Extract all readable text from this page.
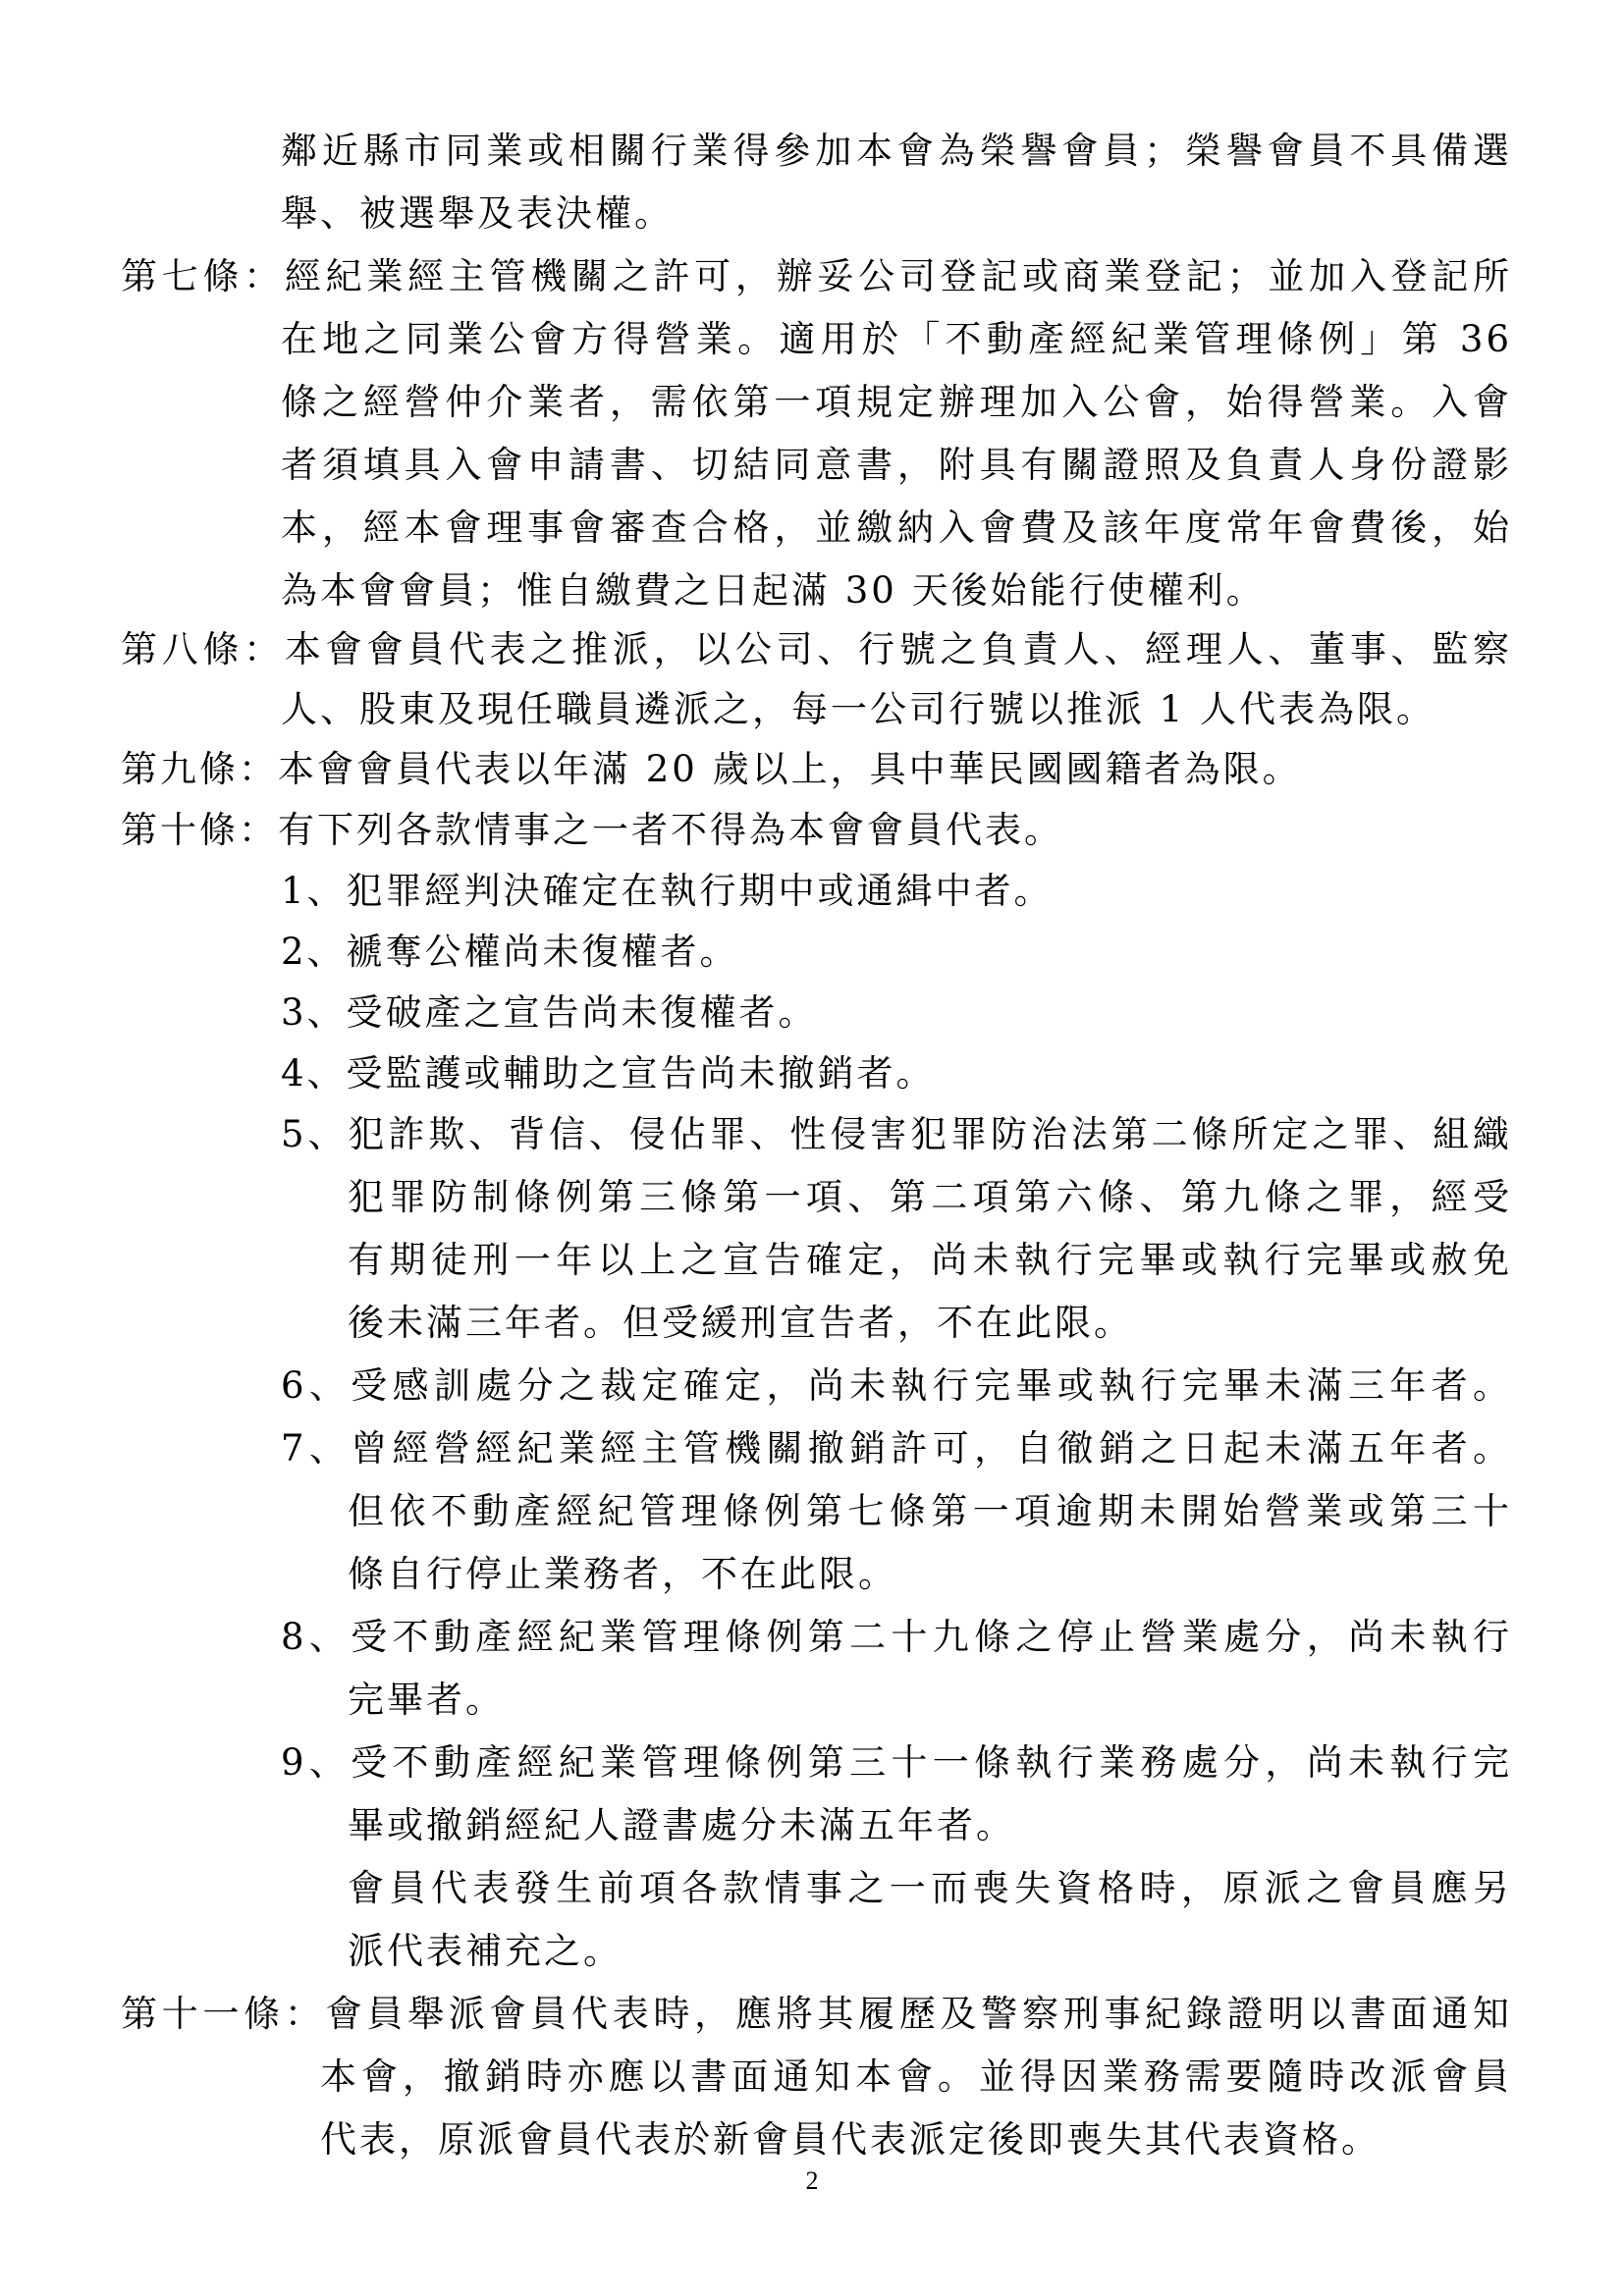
鄰近縣市同業或相關行業得參加本會為榮譽會員；榮譽會員不具備選
舉、被選舉及表決權。
第七條：經紀業經主管機關之許可，辦妥公司登記或商業登記；並加入登記所
在地之同業公會方得營業。適用於「不動產經紀業管理條例」第 36
條之經營仲介業者，需依第一項規定辦理加入公會，始得營業。入會
者須填具入會申請書、切結同意書，附具有關證照及負責人身份證影
本，經本會理事會審查合格，並繳納入會費及該年度常年會費後，始
為本會會員；惟自繳費之日起滿 30 天後始能行使權利。
第八條：本會會員代表之推派，以公司、行號之負責人、經理人、董事、監察
人、股東及現任職員遴派之，每一公司行號以推派 1 人代表為限。
第九條：本會會員代表以年滿 20 歲以上，具中華民國國籍者為限。
第十條：有下列各款情事之一者不得為本會會員代表。
1、犯罪經判決確定在執行期中或通緝中者。
2、褫奪公權尚未復權者。
3、受破產之宣告尚未復權者。
4、受監護或輔助之宣告尚未撤銷者。
5、犯詐欺、背信、侵佔罪、性侵害犯罪防治法第二條所定之罪、組織
犯罪防制條例第三條第一項、第二項第六條、第九條之罪，經受
有期徒刑一年以上之宣告確定，尚未執行完畢或執行完畢或赦免
後未滿三年者。但受緩刑宣告者，不在此限。
6、受感訓處分之裁定確定，尚未執行完畢或執行完畢未滿三年者。
7、曾經營經紀業經主管機關撤銷許可，自徹銷之日起未滿五年者。
但依不動產經紀管理條例第七條第一項逾期未開始營業或第三十
條自行停止業務者，不在此限。
8、受不動產經紀業管理條例第二十九條之停止營業處分，尚未執行
完畢者。
9、受不動產經紀業管理條例第三十一條執行業務處分，尚未執行完
畢或撤銷經紀人證書處分未滿五年者。
會員代表發生前項各款情事之一而喪失資格時，原派之會員應另
派代表補充之。
第十一條：會員舉派會員代表時，應將其履歷及警察刑事紀錄證明以書面通知
本會，撤銷時亦應以書面通知本會。並得因業務需要隨時改派會員
代表，原派會員代表於新會員代表派定後即喪失其代表資格。
2
